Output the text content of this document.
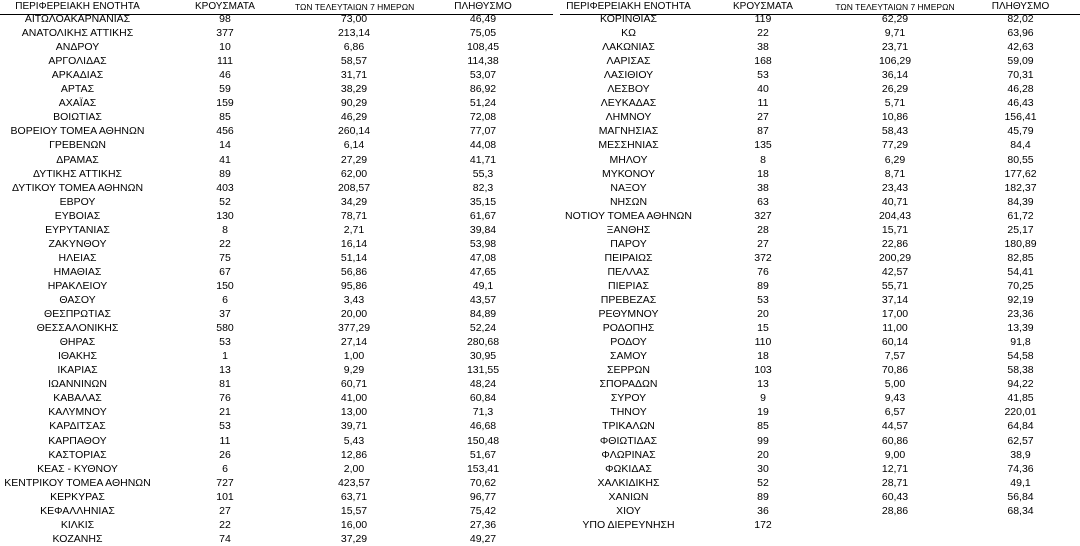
ΠΕΡΙΦΕΡΕΙΑΚΗ ΕΝΟΤΗΤΑ	ΚΡΟΥΣΜΑΤΑ	ΤΩΝ ΤΕΛΕΥΤΑΙΩΝ 7 ΗΜΕΡΩΝ	ΠΛΗΘΥΣΜΟ
ΑΙΤΩΛΟΑΚΑΡΝΑΝΙΑΣ	98	73,00	46,49
ΑΝΑΤΟΛΙΚΗΣ ΑΤΤΙΚΗΣ	377	213,14	75,05
ΑΝΔΡΟΥ	10	6,86	108,45
ΑΡΓΟΛΙΔΑΣ	111	58,57	114,38
ΑΡΚΑΔΙΑΣ	46	31,71	53,07
ΑΡΤΑΣ	59	38,29	86,92
ΑΧΑΪΑΣ	159	90,29	51,24
ΒΟΙΩΤΙΑΣ	85	46,29	72,08
ΒΟΡΕΙΟΥ ΤΟΜΕΑ ΑΘΗΝΩΝ	456	260,14	77,07
ΓΡΕΒΕΝΩΝ	14	6,14	44,08
ΔΡΑΜΑΣ	41	27,29	41,71
ΔΥΤΙΚΗΣ ΑΤΤΙΚΗΣ	89	62,00	55,3
ΔΥΤΙΚΟΥ ΤΟΜΕΑ ΑΘΗΝΩΝ	403	208,57	82,3
ΕΒΡΟΥ	52	34,29	35,15
ΕΥΒΟΙΑΣ	130	78,71	61,67
ΕΥΡΥΤΑΝΙΑΣ	8	2,71	39,84
ΖΑΚΥΝΘΟΥ	22	16,14	53,98
ΗΛΕΙΑΣ	75	51,14	47,08
ΗΜΑΘΙΑΣ	67	56,86	47,65
ΗΡΑΚΛΕΙΟΥ	150	95,86	49,1
ΘΑΣΟΥ	6	3,43	43,57
ΘΕΣΠΡΩΤΙΑΣ	37	20,00	84,89
ΘΕΣΣΑΛΟΝΙΚΗΣ	580	377,29	52,24
ΘΗΡΑΣ	53	27,14	280,68
ΙΘΑΚΗΣ	1	1,00	30,95
ΙΚΑΡΙΑΣ	13	9,29	131,55
ΙΩΑΝΝΙΝΩΝ	81	60,71	48,24
ΚΑΒΑΛΑΣ	76	41,00	60,84
ΚΑΛΥΜΝΟΥ	21	13,00	71,3
ΚΑΡΔΙΤΣΑΣ	53	39,71	46,68
ΚΑΡΠΑΘΟΥ	11	5,43	150,48
ΚΑΣΤΟΡΙΑΣ	26	12,86	51,67
ΚΕΑΣ - ΚΥΘΝΟΥ	6	2,00	153,41
ΚΕΝΤΡΙΚΟΥ ΤΟΜΕΑ ΑΘΗΝΩΝ	727	423,57	70,62
ΚΕΡΚΥΡΑΣ	101	63,71	96,77
ΚΕΦΑΛΛΗΝΙΑΣ	27	15,57	75,42
ΚΙΛΚΙΣ	22	16,00	27,36
ΚΟΖΑΝΗΣ	74	37,29	49,27
ΠΕΡΙΦΕΡΕΙΑΚΗ ΕΝΟΤΗΤΑ	ΚΡΟΥΣΜΑΤΑ	ΤΩΝ ΤΕΛΕΥΤΑΙΩΝ 7 ΗΜΕΡΩΝ	ΠΛΗΘΥΣΜΟ
ΚΟΡΙΝΘΙΑΣ	119	62,29	82,02
ΚΩ	22	9,71	63,96
ΛΑΚΩΝΙΑΣ	38	23,71	42,63
ΛΑΡΙΣΑΣ	168	106,29	59,09
ΛΑΣΙΘΙΟΥ	53	36,14	70,31
ΛΕΣΒΟΥ	40	26,29	46,28
ΛΕΥΚΑΔΑΣ	11	5,71	46,43
ΛΗΜΝΟΥ	27	10,86	156,41
ΜΑΓΝΗΣΙΑΣ	87	58,43	45,79
ΜΕΣΣΗΝΙΑΣ	135	77,29	84,4
ΜΗΛΟΥ	8	6,29	80,55
ΜΥΚΟΝΟΥ	18	8,71	177,62
ΝΑΞΟΥ	38	23,43	182,37
ΝΗΣΩΝ	63	40,71	84,39
ΝΟΤΙΟΥ ΤΟΜΕΑ ΑΘΗΝΩΝ	327	204,43	61,72
ΞΑΝΘΗΣ	28	15,71	25,17
ΠΑΡΟΥ	27	22,86	180,89
ΠΕΙΡΑΙΩΣ	372	200,29	82,85
ΠΕΛΛΑΣ	76	42,57	54,41
ΠΙΕΡΙΑΣ	89	55,71	70,25
ΠΡΕΒΕΖΑΣ	53	37,14	92,19
ΡΕΘΥΜΝΟΥ	20	17,00	23,36
ΡΟΔΟΠΗΣ	15	11,00	13,39
ΡΟΔΟΥ	110	60,14	91,8
ΣΑΜΟΥ	18	7,57	54,58
ΣΕΡΡΩΝ	103	70,86	58,38
ΣΠΟΡΑΔΩΝ	13	5,00	94,22
ΣΥΡΟΥ	9	9,43	41,85
ΤΗΝΟΥ	19	6,57	220,01
ΤΡΙΚΑΛΩΝ	85	44,57	64,84
ΦΘΙΩΤΙΔΑΣ	99	60,86	62,57
ΦΛΩΡΙΝΑΣ	20	9,00	38,9
ΦΩΚΙΔΑΣ	30	12,71	74,36
ΧΑΛΚΙΔΙΚΗΣ	52	28,71	49,1
ΧΑΝΙΩΝ	89	60,43	56,84
ΧΙΟΥ	36	28,86	68,34
ΥΠΟ ΔΙΕΡΕΥΝΗΣΗ	172
